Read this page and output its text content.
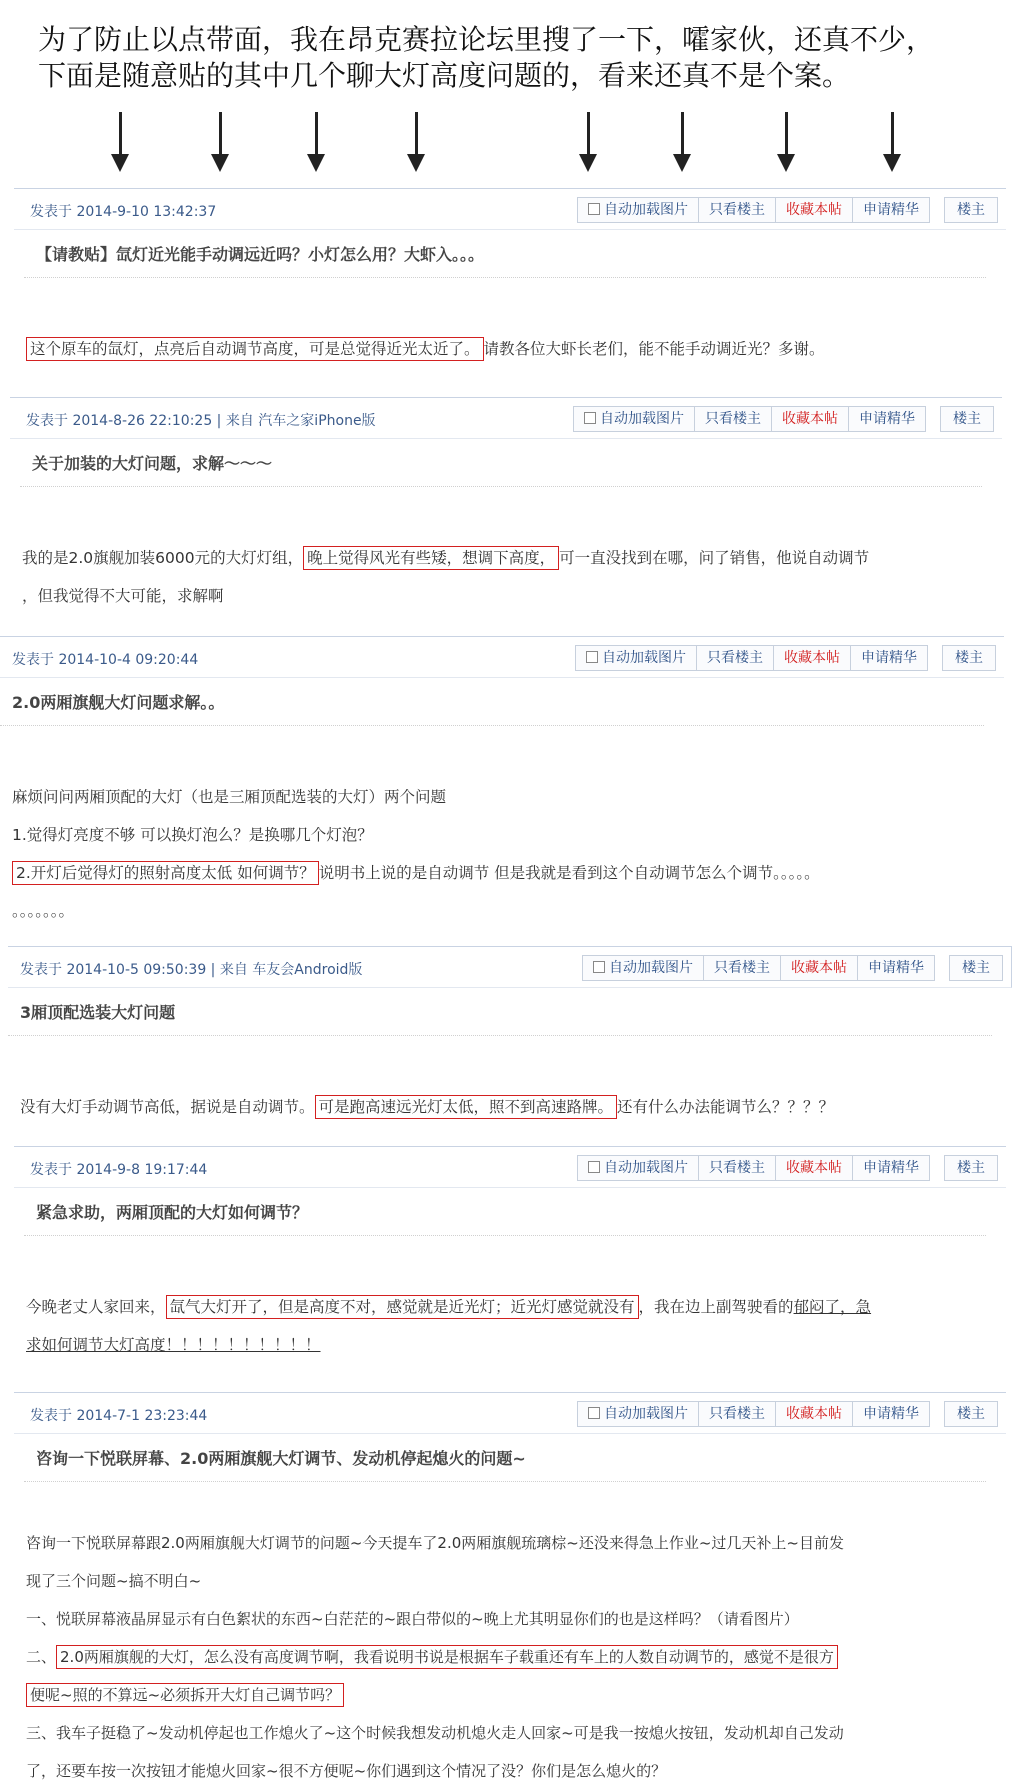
为了防止以点带面，我在昂克赛拉论坛里搜了一下，嚯家伙，还真不少，
下面是随意贴的其中几个聊大灯高度问题的，看来还真不是个案。
发表于 2014-9-10 13:42:37	自动加载图片	只看楼主	收藏本帖	申请精华	楼主
【请教贴】氙灯近光能手动调远近吗？小灯怎么用？大虾入。。。
这个原车的氙灯，点亮后自动调节高度，可是总觉得近光太近了。 请教各位大虾长老们，能不能手动调近光？多谢。
发表于 2014-8-26 22:10:25 | 来自 汽车之家iPhone版	自动加载图片	只看楼主	收藏本帖	申请精华	楼主
关于加装的大灯问题，求解～～～
我的是2.0旗舰加装6000元的大灯灯组， 晚上觉得风光有些矮，想调下高度， 可一直没找到在哪，问了销售，他说自动调节
，但我觉得不大可能，求解啊
发表于 2014-10-4 09:20:44	自动加载图片	只看楼主	收藏本帖	申请精华	楼主
2.0两厢旗舰大灯问题求解。。
麻烦问问两厢顶配的大灯（也是三厢顶配选装的大灯）两个问题
1.觉得灯亮度不够 可以换灯泡么？是换哪几个灯泡？
2.开灯后觉得灯的照射高度太低 如何调节？ 说明书上说的是自动调节 但是我就是看到这个自动调节怎么个调节。。。。。
。。。。。。。
发表于 2014-10-5 09:50:39 | 来自 车友会Android版	自动加载图片	只看楼主	收藏本帖	申请精华	楼主
3厢顶配选装大灯问题
没有大灯手动调节高低，据说是自动调节。 可是跑高速远光灯太低，照不到高速路牌。 还有什么办法能调节么？？？？
发表于 2014-9-8 19:17:44	自动加载图片	只看楼主	收藏本帖	申请精华	楼主
紧急求助，两厢顶配的大灯如何调节？
今晚老丈人家回来， 氙气大灯开了，但是高度不对，感觉就是近光灯；近光灯感觉就没有 ，我在边上副驾驶看的郁闷了，急
求如何调节大灯高度！！！！！！！！！！
发表于 2014-7-1 23:23:44	自动加载图片	只看楼主	收藏本帖	申请精华	楼主
咨询一下悦联屏幕、2.0两厢旗舰大灯调节、发动机停起熄火的问题~
咨询一下悦联屏幕跟2.0两厢旗舰大灯调节的问题~今天提车了2.0两厢旗舰琉璃棕~还没来得急上作业~过几天补上~目前发
现了三个问题~搞不明白~
一、悦联屏幕液晶屏显示有白色絮状的东西~白茫茫的~跟白带似的~晚上尤其明显你们的也是这样吗？（请看图片）
二、 2.0两厢旗舰的大灯，怎么没有高度调节啊，我看说明书说是根据车子载重还有车上的人数自动调节的，感觉不是很方
便呢~照的不算远~必须拆开大灯自己调节吗？
三、我车子挺稳了~发动机停起也工作熄火了~这个时候我想发动机熄火走人回家~可是我一按熄火按钮，发动机却自己发动
了，还要车按一次按钮才能熄火回家~很不方便呢~你们遇到这个情况了没？你们是怎么熄火的？
